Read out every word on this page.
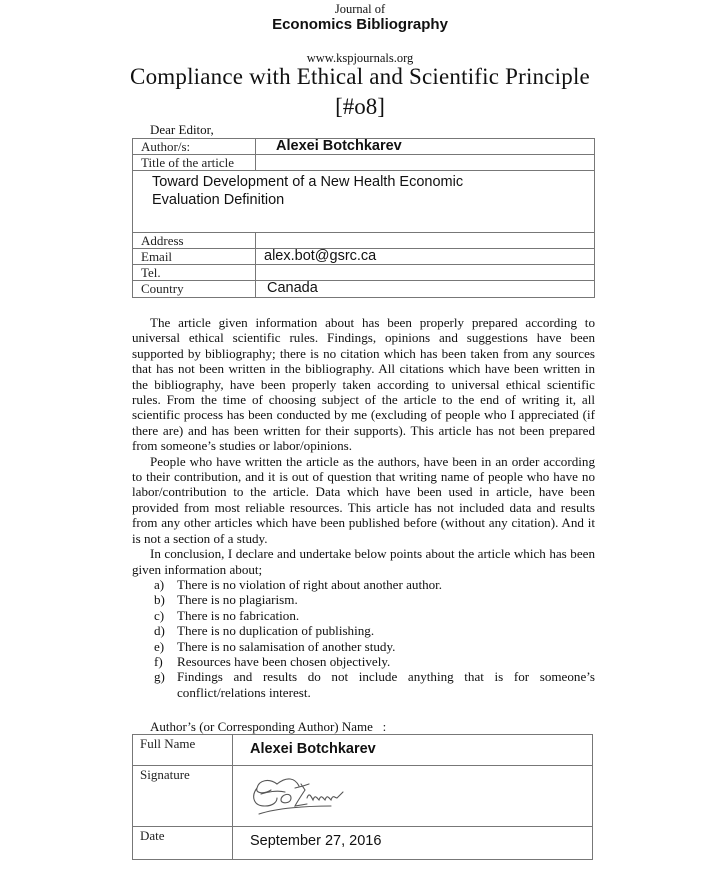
Journal of
Economics Bibliography
www.kspjournals.org
Compliance with Ethical and Scientific Principle
[#o8]
Dear Editor,
Author/s:	Alexei Botchkarev
Title of the article	
Toward Development of a New Health Economic Evaluation Definition	
Address	
Email	alex.bot@gsrc.ca
Tel.	
Country	Canada

The article given information about has been properly prepared according to universal ethical scientific rules. Findings, opinions and suggestions have been supported by bibliography; there is no citation which has been taken from any sources that has not been written in the bibliography. All citations which have been written in the bibliography, have been properly taken according to universal ethical scientific rules. From the time of choosing subject of the article to the end of writing it, all scientific process has been conducted by me (excluding of people who I appreciated (if there are) and has been written for their supports). This article has not been prepared from someone’s studies or labor/opinions.

People who have written the article as the authors, have been in an order according to their contribution, and it is out of question that writing name of people who have no labor/contribution to the article. Data which have been used in article, have been provided from most reliable resources. This article has not included data and results from any other articles which have been published before (without any citation). And it is not a section of a study.

In conclusion, I declare and undertake below points about the article which has been given information about;

a) There is no violation of right about another author.
b) There is no plagiarism.
c) There is no fabrication.
d) There is no duplication of publishing.
e) There is no salamisation of another study.
f) Resources have been chosen objectively.
g) Findings and results do not include anything that is for someone’s conflict/relations interest.
Author’s (or Corresponding Author) Name   :
Full Name	Alexei Botchkarev
Signature	
Date	September 27, 2016
